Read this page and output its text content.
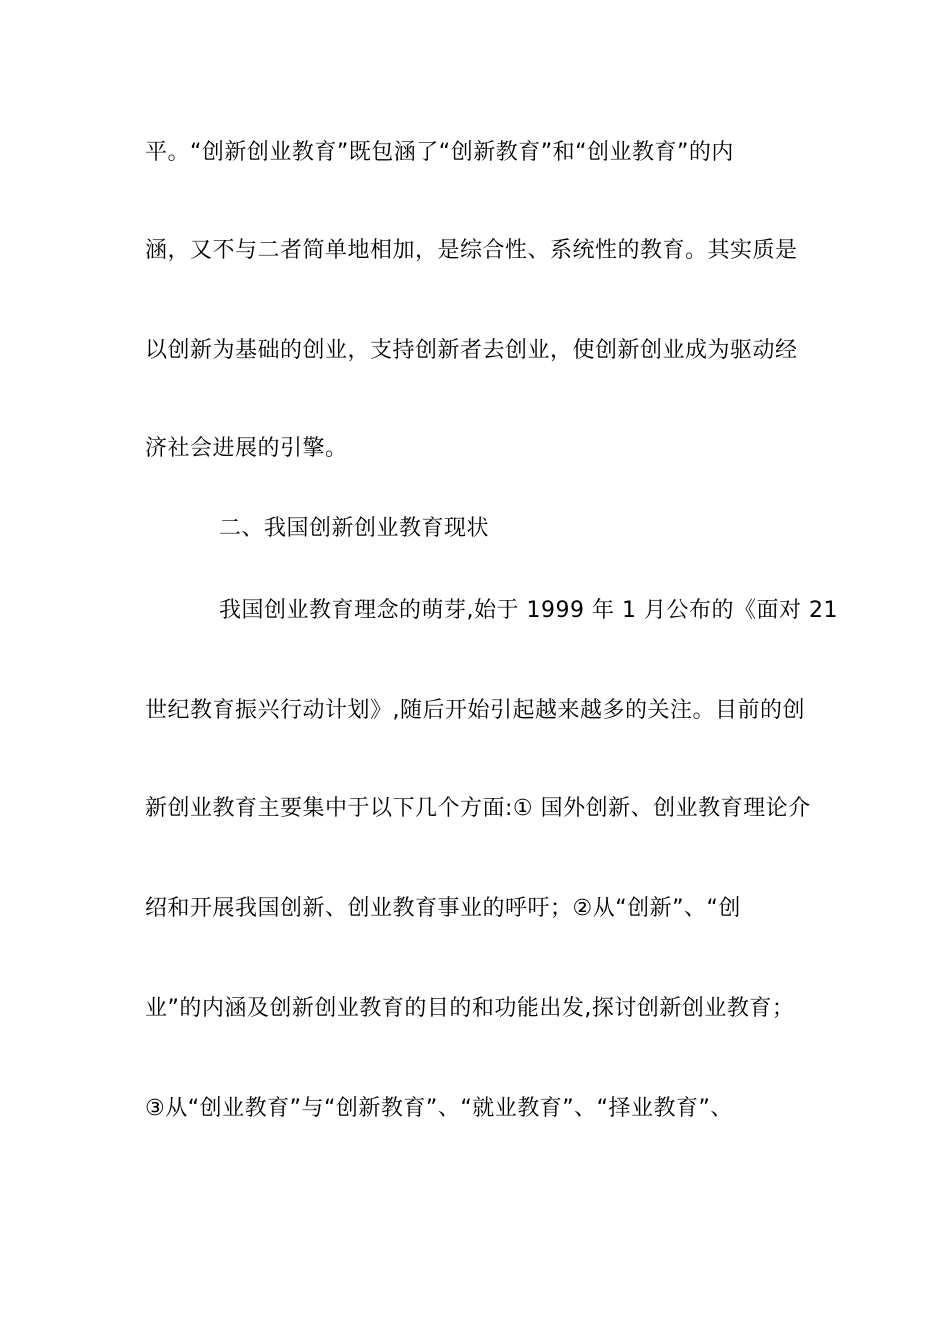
平。“创新创业教育”既包涵了“创新教育”和“创业教育”的内
涵，又不与二者简单地相加，是综合性、系统性的教育。其实质是
以创新为基础的创业，支持创新者去创业，使创新创业成为驱动经
济社会进展的引擎。
二、我国创新创业教育现状
我国创业教育理念的萌芽,始于 1999 年 1 月公布的《面对 21
世纪教育振兴行动计划》,随后开始引起越来越多的关注。目前的创
新创业教育主要集中于以下几个方面:① 国外创新、创业教育理论介
绍和开展我国创新、创业教育事业的呼吁；②从“创新”、“创
业”的内涵及创新创业教育的目的和功能出发,探讨创新创业教育；
③从“创业教育”与“创新教育”、“就业教育”、“择业教育”、
